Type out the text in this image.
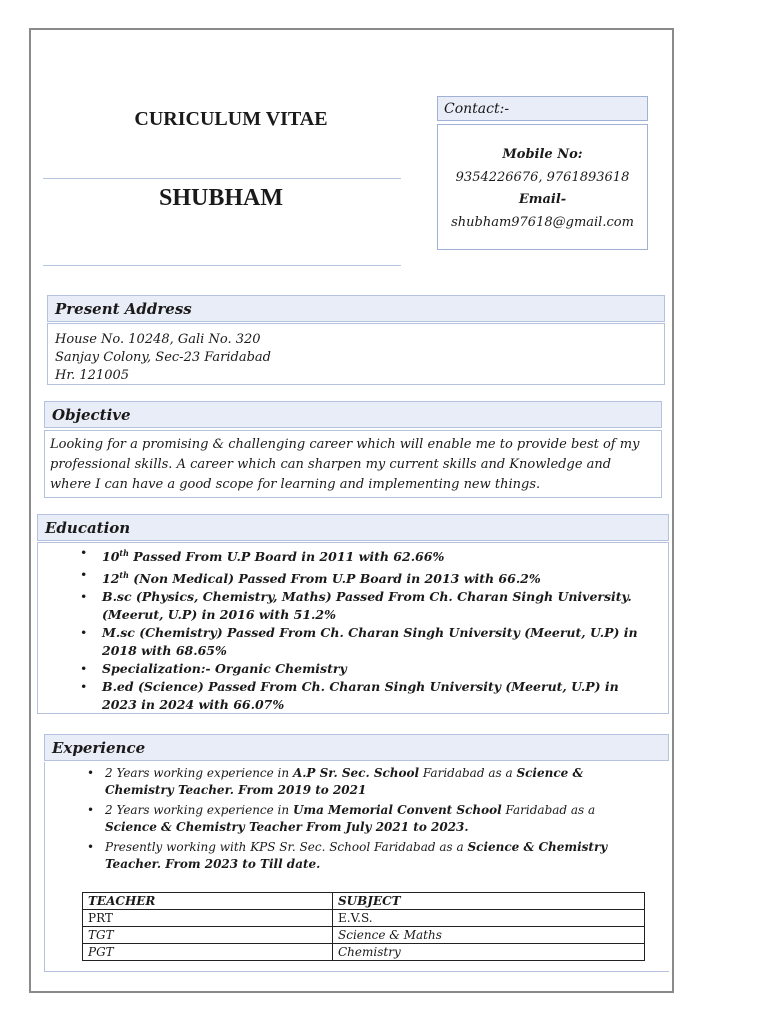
CURICULUM VITAE
SHUBHAM
Contact:-
Mobile No:
9354226676, 9761893618
Email-
shubham97618@gmail.com
Present Address
House No. 10248, Gali No. 320
Sanjay Colony, Sec-23 Faridabad
Hr. 121005
Objective
Looking for a promising & challenging career which will enable me to provide best of my professional skills. A career which can sharpen my current skills and Knowledge and where I can have a good scope for learning and implementing new things.
Education
• 10th Passed From U.P Board in 2011 with 62.66%
• 12th (Non Medical) Passed From U.P Board in 2013 with 66.2%
• B.sc (Physics, Chemistry, Maths) Passed From Ch. Charan Singh University. (Meerut, U.P) in 2016 with 51.2%
• M.sc (Chemistry) Passed From Ch. Charan Singh University (Meerut, U.P) in 2018 with 68.65%
• Specialization:- Organic Chemistry
• B.ed (Science) Passed From Ch. Charan Singh University (Meerut, U.P) in 2023 in 2024 with 66.07%
Experience
• 2 Years working experience in A.P Sr. Sec. School Faridabad as a Science & Chemistry Teacher. From 2019 to 2021
• 2 Years working experience in Uma Memorial Convent School Faridabad as a Science & Chemistry Teacher From July 2021 to 2023.
• Presently working with KPS Sr. Sec. School Faridabad as a Science & Chemistry Teacher. From 2023 to Till date.
TEACHER	SUBJECT
PRT	E.V.S.
TGT	Science & Maths
PGT	Chemistry
